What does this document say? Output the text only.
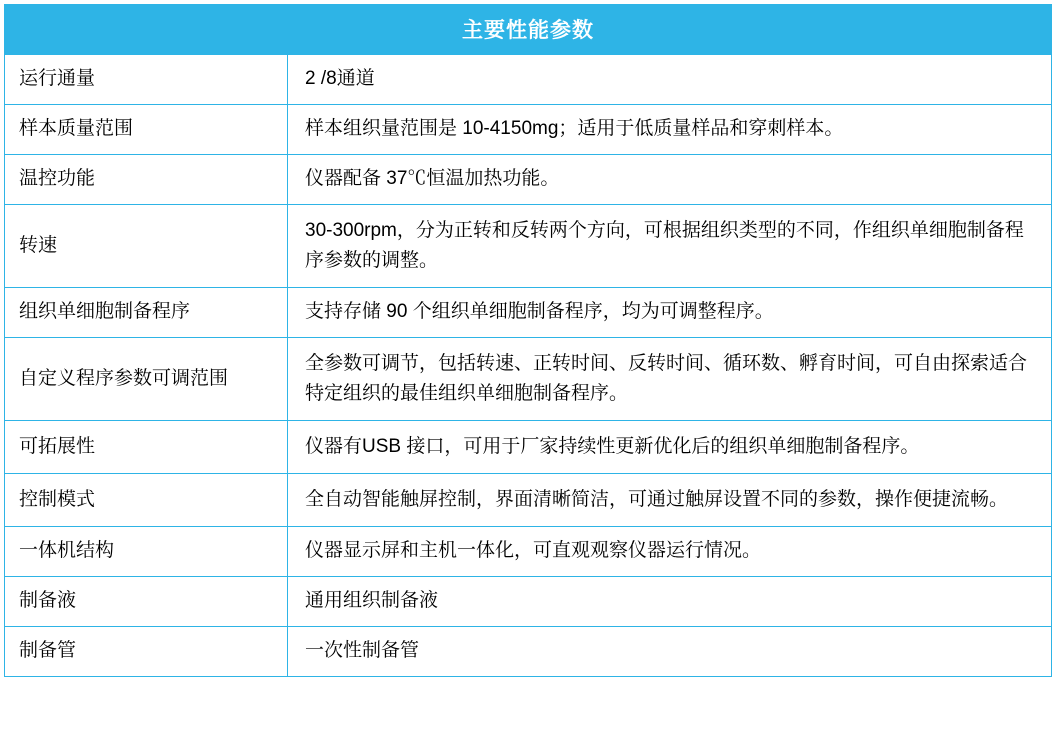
主要性能参数	
运行通量	2 /8通道
样本质量范围	样本组织量范围是 10-4150mg；适用于低质量样品和穿刺样本。
温控功能	仪器配备 37℃恒温加热功能。
转速	30-300rpm，分为正转和反转两个方向，可根据组织类型的不同，作组织单细胞制备程序参数的调整。
组织单细胞制备程序	支持存储 90 个组织单细胞制备程序，均为可调整程序。
自定义程序参数可调范围	全参数可调节，包括转速、正转时间、反转时间、循环数、孵育时间，可自由探索适合特定组织的最佳组织单细胞制备程序。
可拓展性	仪器有USB 接口，可用于厂家持续性更新优化后的组织单细胞制备程序。
控制模式	全自动智能触屏控制，界面清晰简洁，可通过触屏设置不同的参数，操作便捷流畅。
一体机结构	仪器显示屏和主机一体化，可直观观察仪器运行情况。
制备液	通用组织制备液
制备管	一次性制备管
